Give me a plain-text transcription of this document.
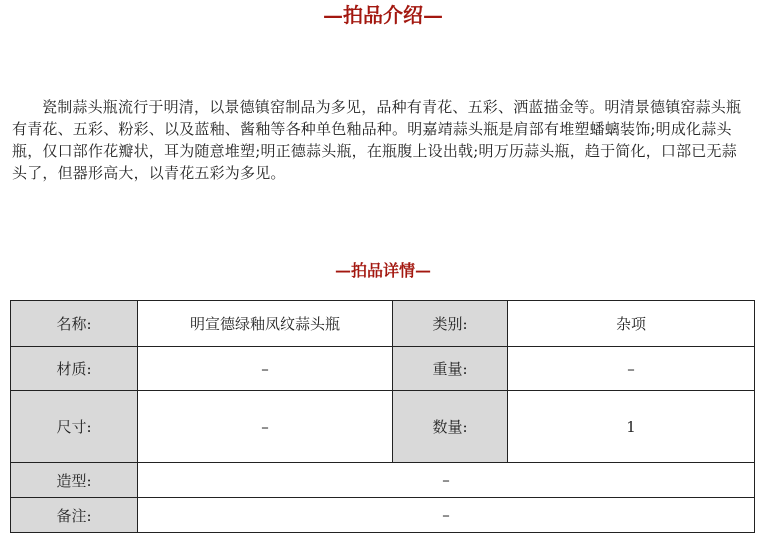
—拍品介绍—

瓷制蒜头瓶流行于明清，以景德镇窑制品为多见，品种有青花、五彩、洒蓝描金等。明清景德镇窑蒜头瓶有青花、五彩、粉彩、以及蓝釉、酱釉等各种单色釉品种。明嘉靖蒜头瓶是肩部有堆塑蟠螭装饰;明成化蒜头瓶，仅口部作花瓣状，耳为随意堆塑;明正德蒜头瓶，在瓶腹上设出戟;明万历蒜头瓶，趋于简化，口部已无蒜头了，但器形高大，以青花五彩为多见。

—拍品详情—
名称:	明宣德绿釉凤纹蒜头瓶	类别:	杂项
材质:	–	重量:	–
尺寸:	–	数量:	1
造型:	–		
备注:	–		
